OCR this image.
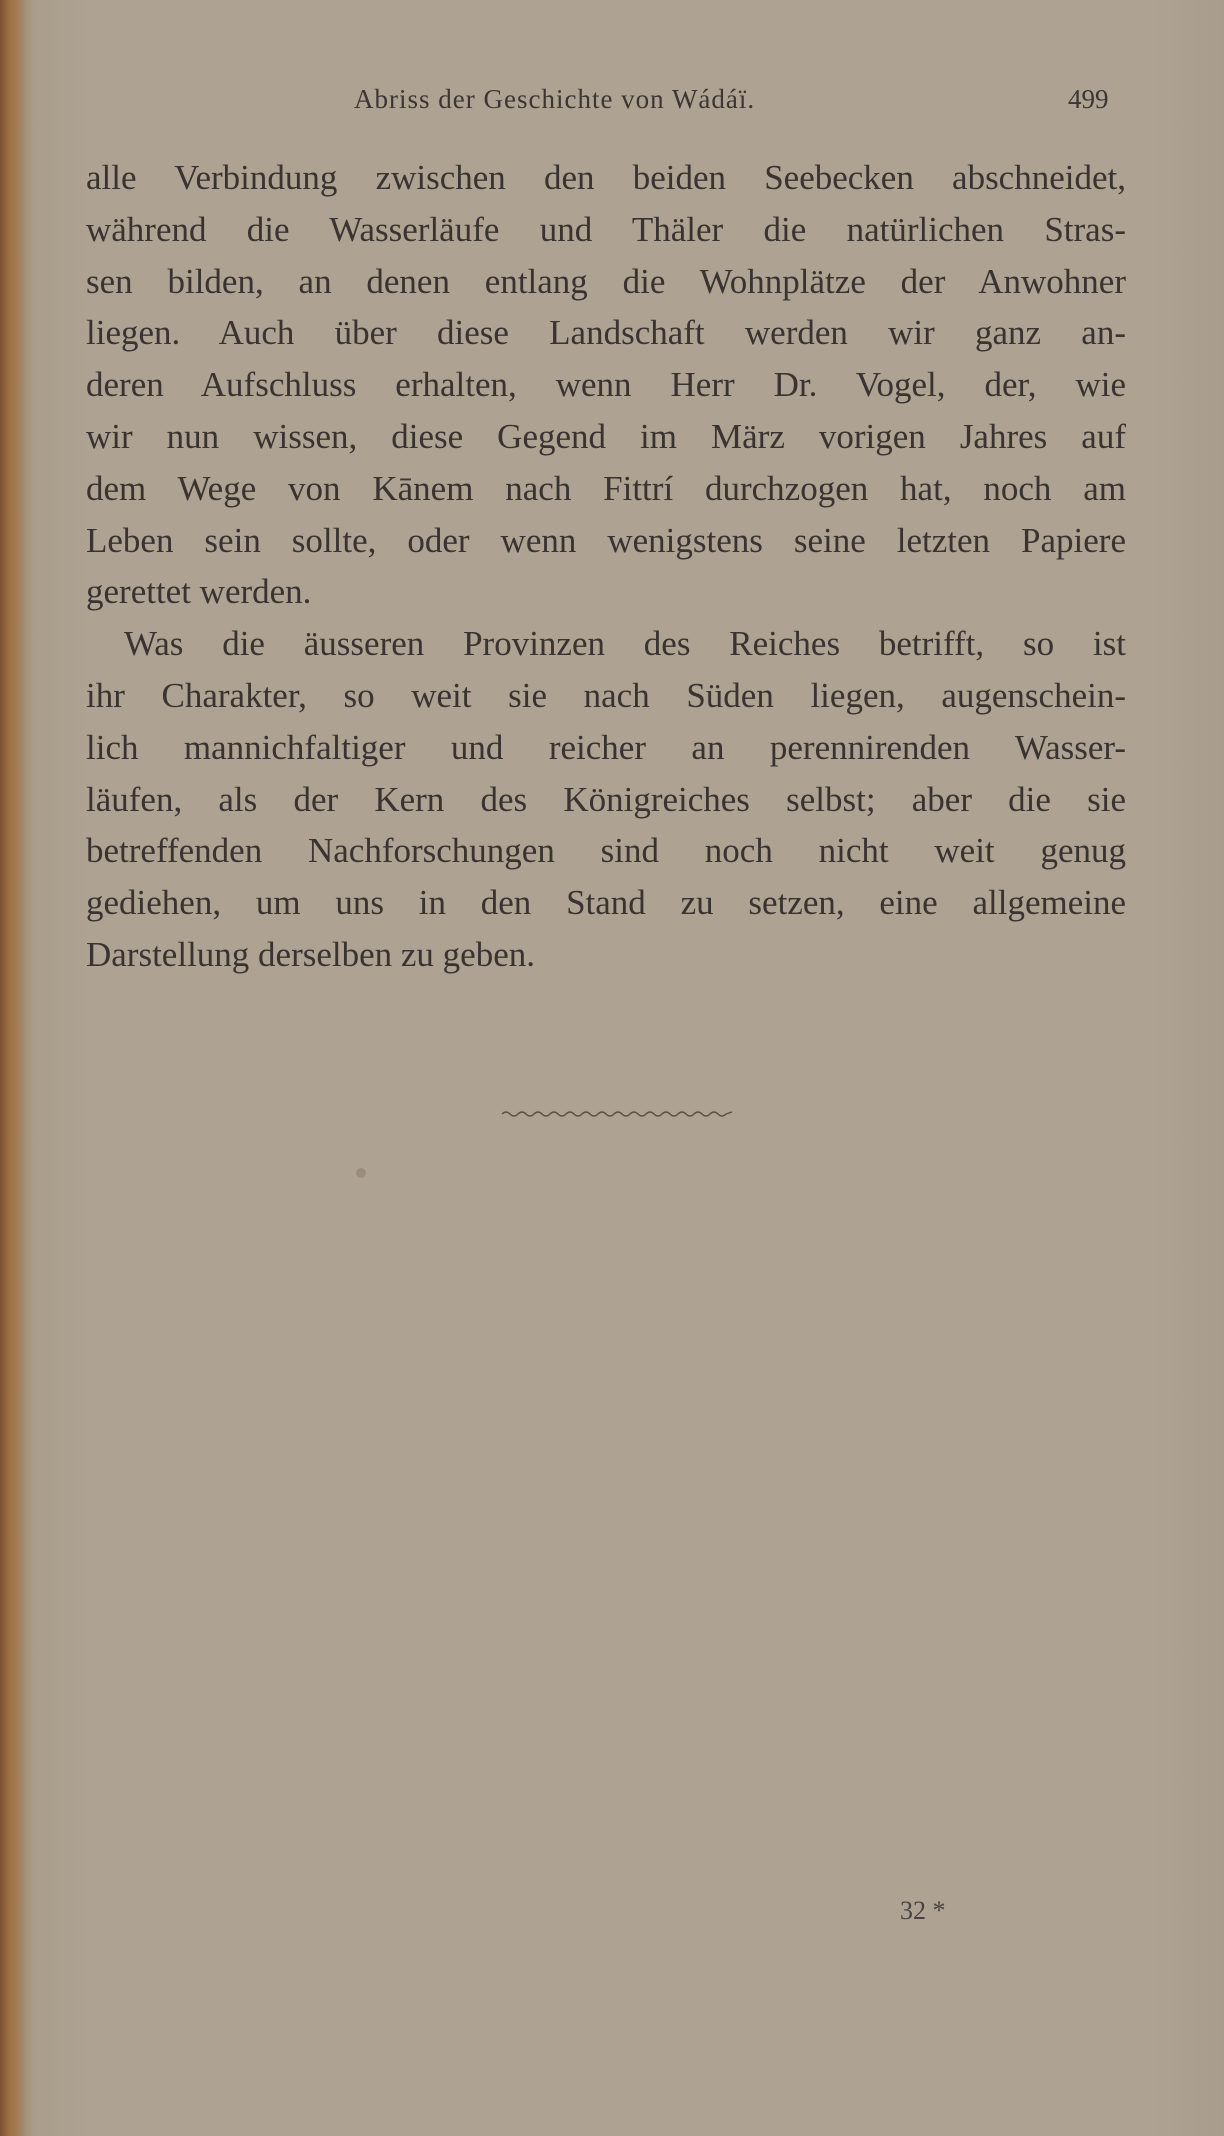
Abriss der Geschichte von Wádáï.	499
alle Verbindung zwischen den beiden Seebecken abschneidet,
während die Wasserläufe und Thäler die natürlichen Stras-
sen bilden, an denen entlang die Wohnplätze der Anwohner
liegen. Auch über diese Landschaft werden wir ganz an-
deren Aufschluss erhalten, wenn Herr Dr. Vogel, der, wie
wir nun wissen, diese Gegend im März vorigen Jahres auf
dem Wege von Kānem nach Fittrí durchzogen hat, noch am
Leben sein sollte, oder wenn wenigstens seine letzten Papiere
gerettet werden.
Was die äusseren Provinzen des Reiches betrifft, so ist
ihr Charakter, so weit sie nach Süden liegen, augenschein-
lich mannichfaltiger und reicher an perennirenden Wasser-
läufen, als der Kern des Königreiches selbst; aber die sie
betreffenden Nachforschungen sind noch nicht weit genug
gediehen, um uns in den Stand zu setzen, eine allgemeine
Darstellung derselben zu geben.
32 *
